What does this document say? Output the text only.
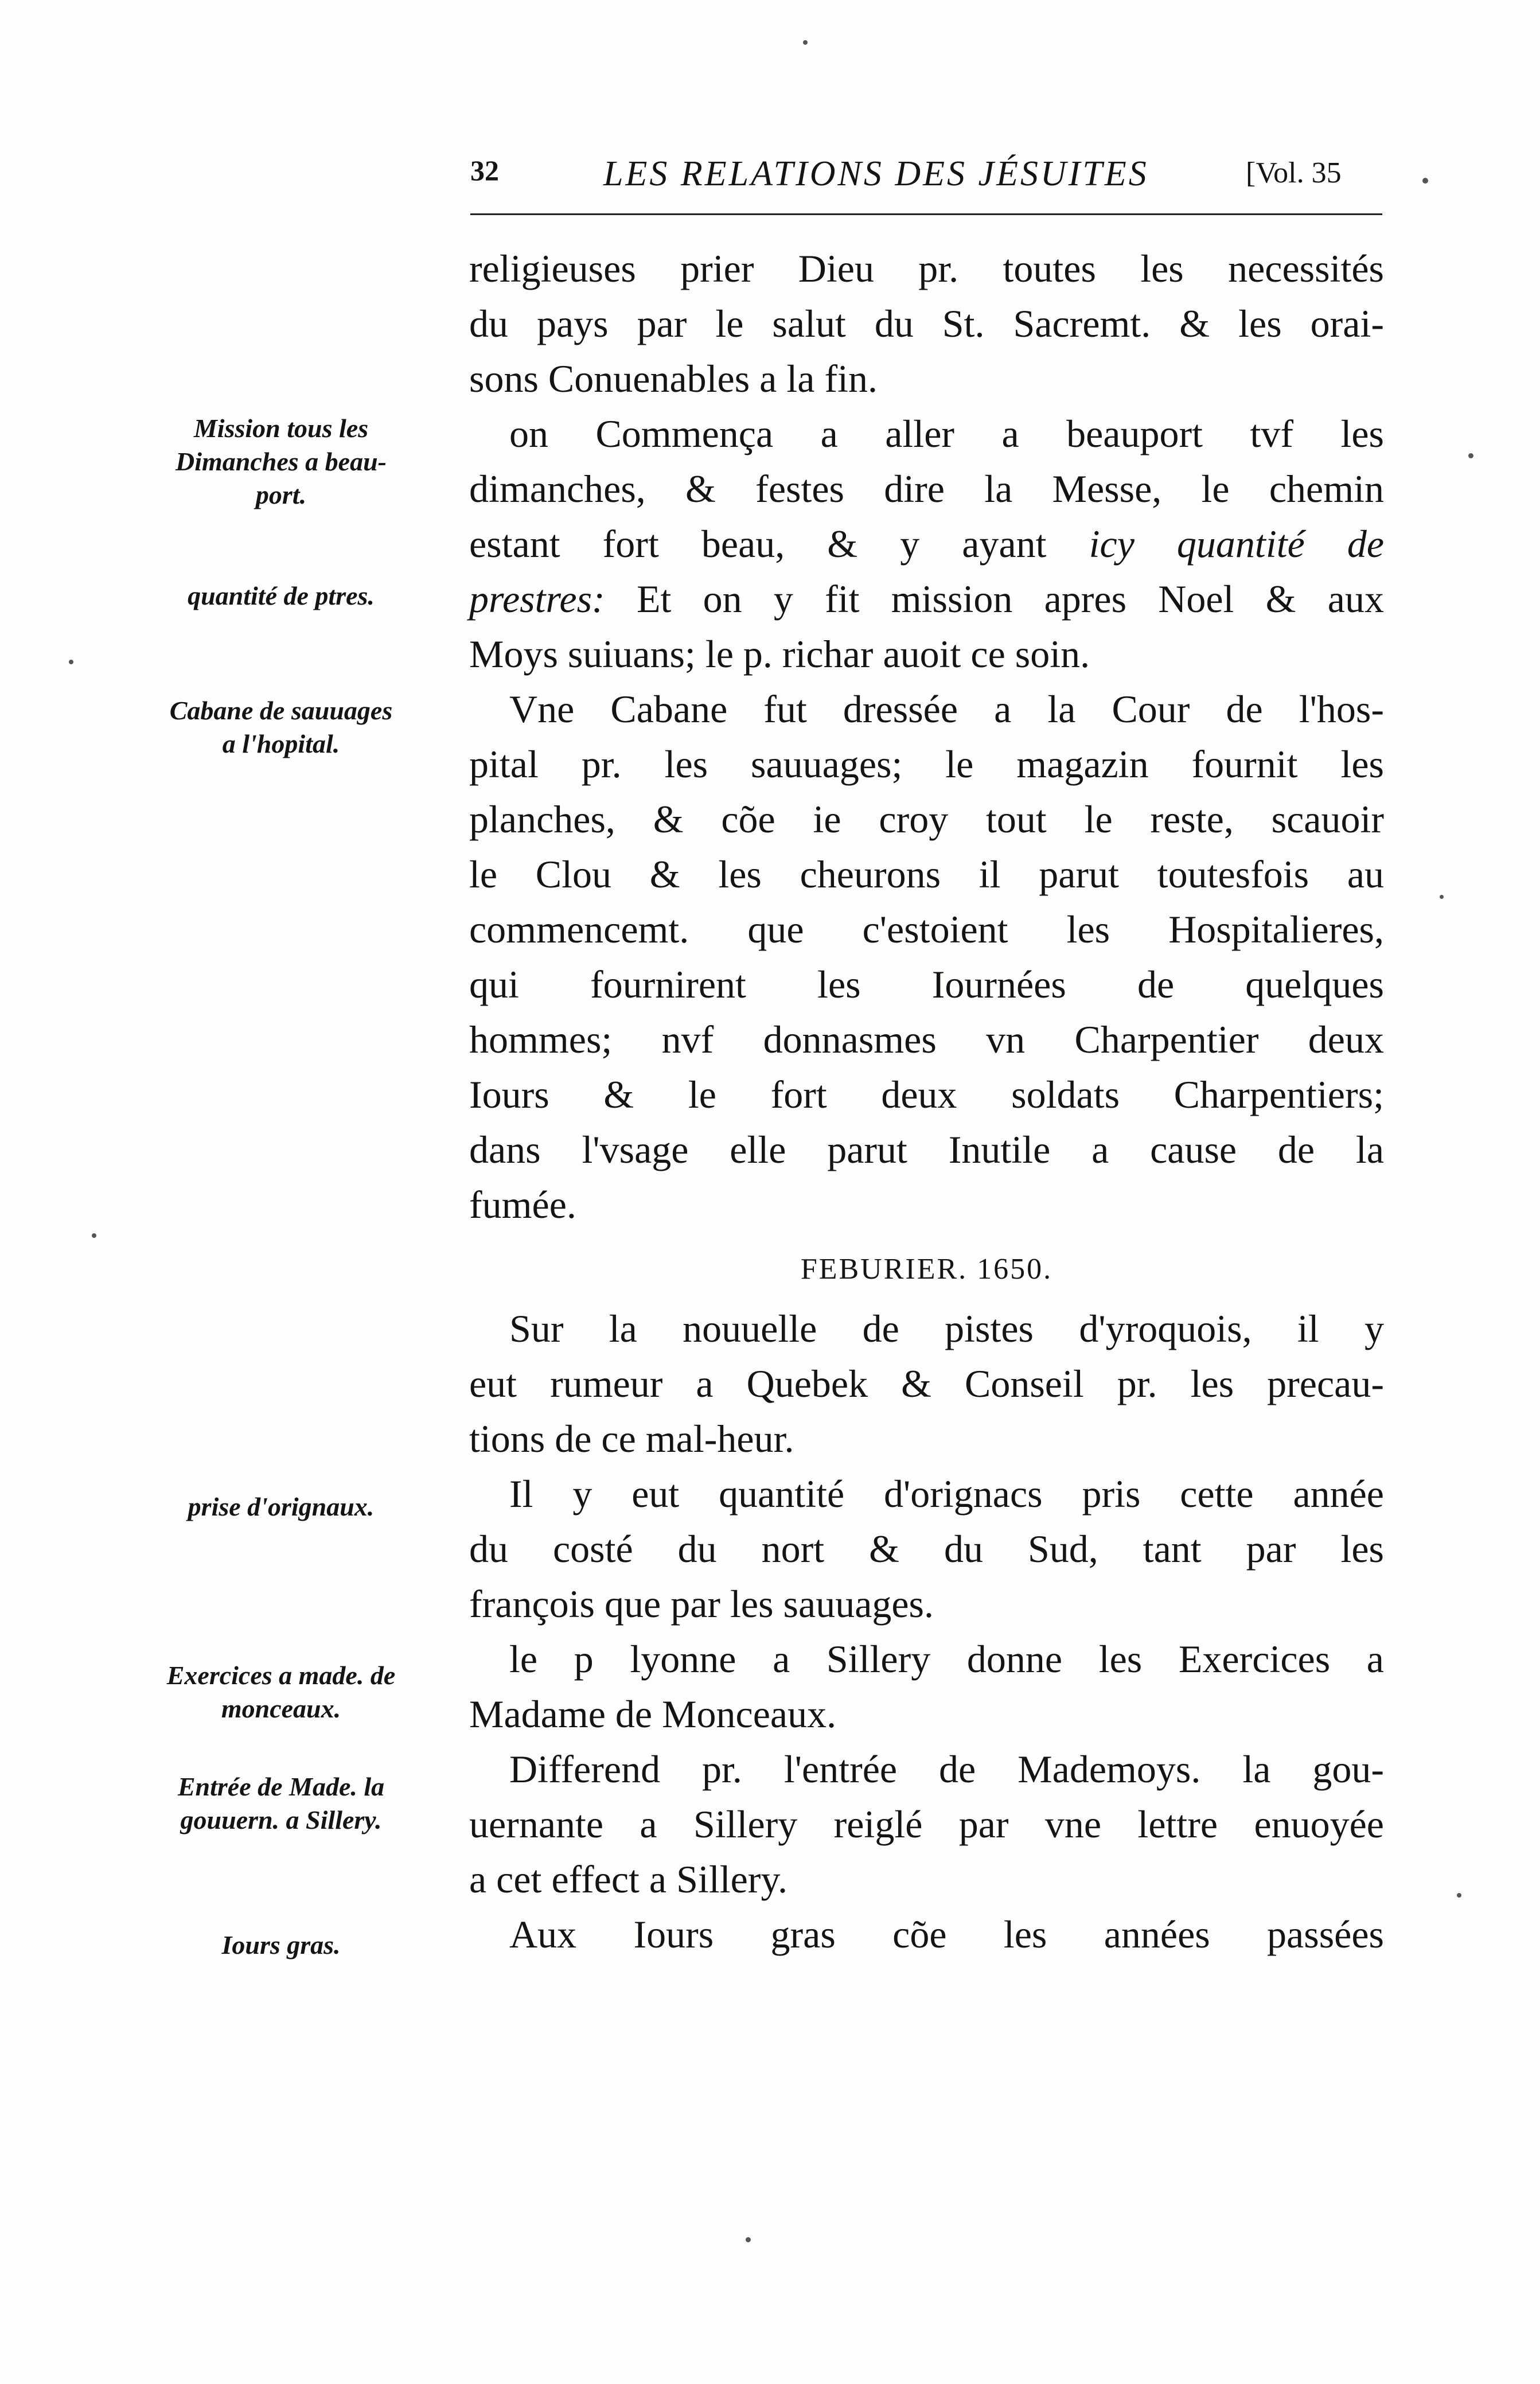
32	LES RELATIONS DES JÉSUITES	[Vol. 35
Mission tous les
Dimanches a beau-
port.
quantité de ptres.
Cabane de sauuages
a l'hopital.
prise d'orignaux.
Exercices a made. de
monceaux.
Entrée de Made. la
gouuern. a Sillery.
Iours gras.
religieuses prier Dieu pr. toutes les necessités
du pays par le salut du St. Sacremt. & les orai-
sons Conuenables a la fin.
on Commença a aller a beauport tvf les
dimanches, & festes dire la Messe, le chemin
estant fort beau, & y ayant icy quantité de
prestres: Et on y fit mission apres Noel & aux
Moys suiuans; le p. richar auoit ce soin.
Vne Cabane fut dressée a la Cour de l'hos-
pital pr. les sauuages; le magazin fournit les
planches, & cõe ie croy tout le reste, scauoir
le Clou & les cheurons il parut toutesfois au
commencemt. que c'estoient les Hospitalieres,
qui fournirent les Iournées de quelques
hommes; nvf donnasmes vn Charpentier deux
Iours & le fort deux soldats Charpentiers;
dans l'vsage elle parut Inutile a cause de la
fumée.
FEBURIER. 1650.
Sur la nouuelle de pistes d'yroquois, il y
eut rumeur a Quebek & Conseil pr. les precau-
tions de ce mal-heur.
Il y eut quantité d'orignacs pris cette année
du costé du nort & du Sud, tant par les
françois que par les sauuages.
le p lyonne a Sillery donne les Exercices a
Madame de Monceaux.
Differend pr. l'entrée de Mademoys. la gou-
uernante a Sillery reiglé par vne lettre enuoyée
a cet effect a Sillery.
Aux Iours gras cõe les années passées
